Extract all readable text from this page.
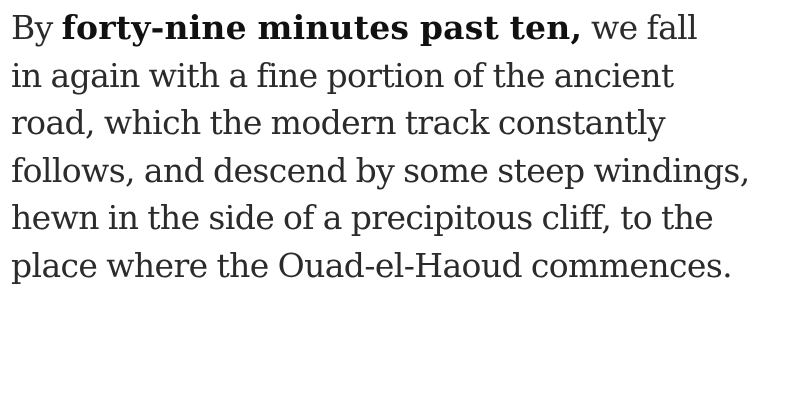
By forty-nine minutes past ten, we fall
in again with a fine portion of the ancient
road, which the modern track constantly
follows, and descend by some steep windings,
hewn in the side of a precipitous cliff, to the
place where the Ouad-el-Haoud commences.
